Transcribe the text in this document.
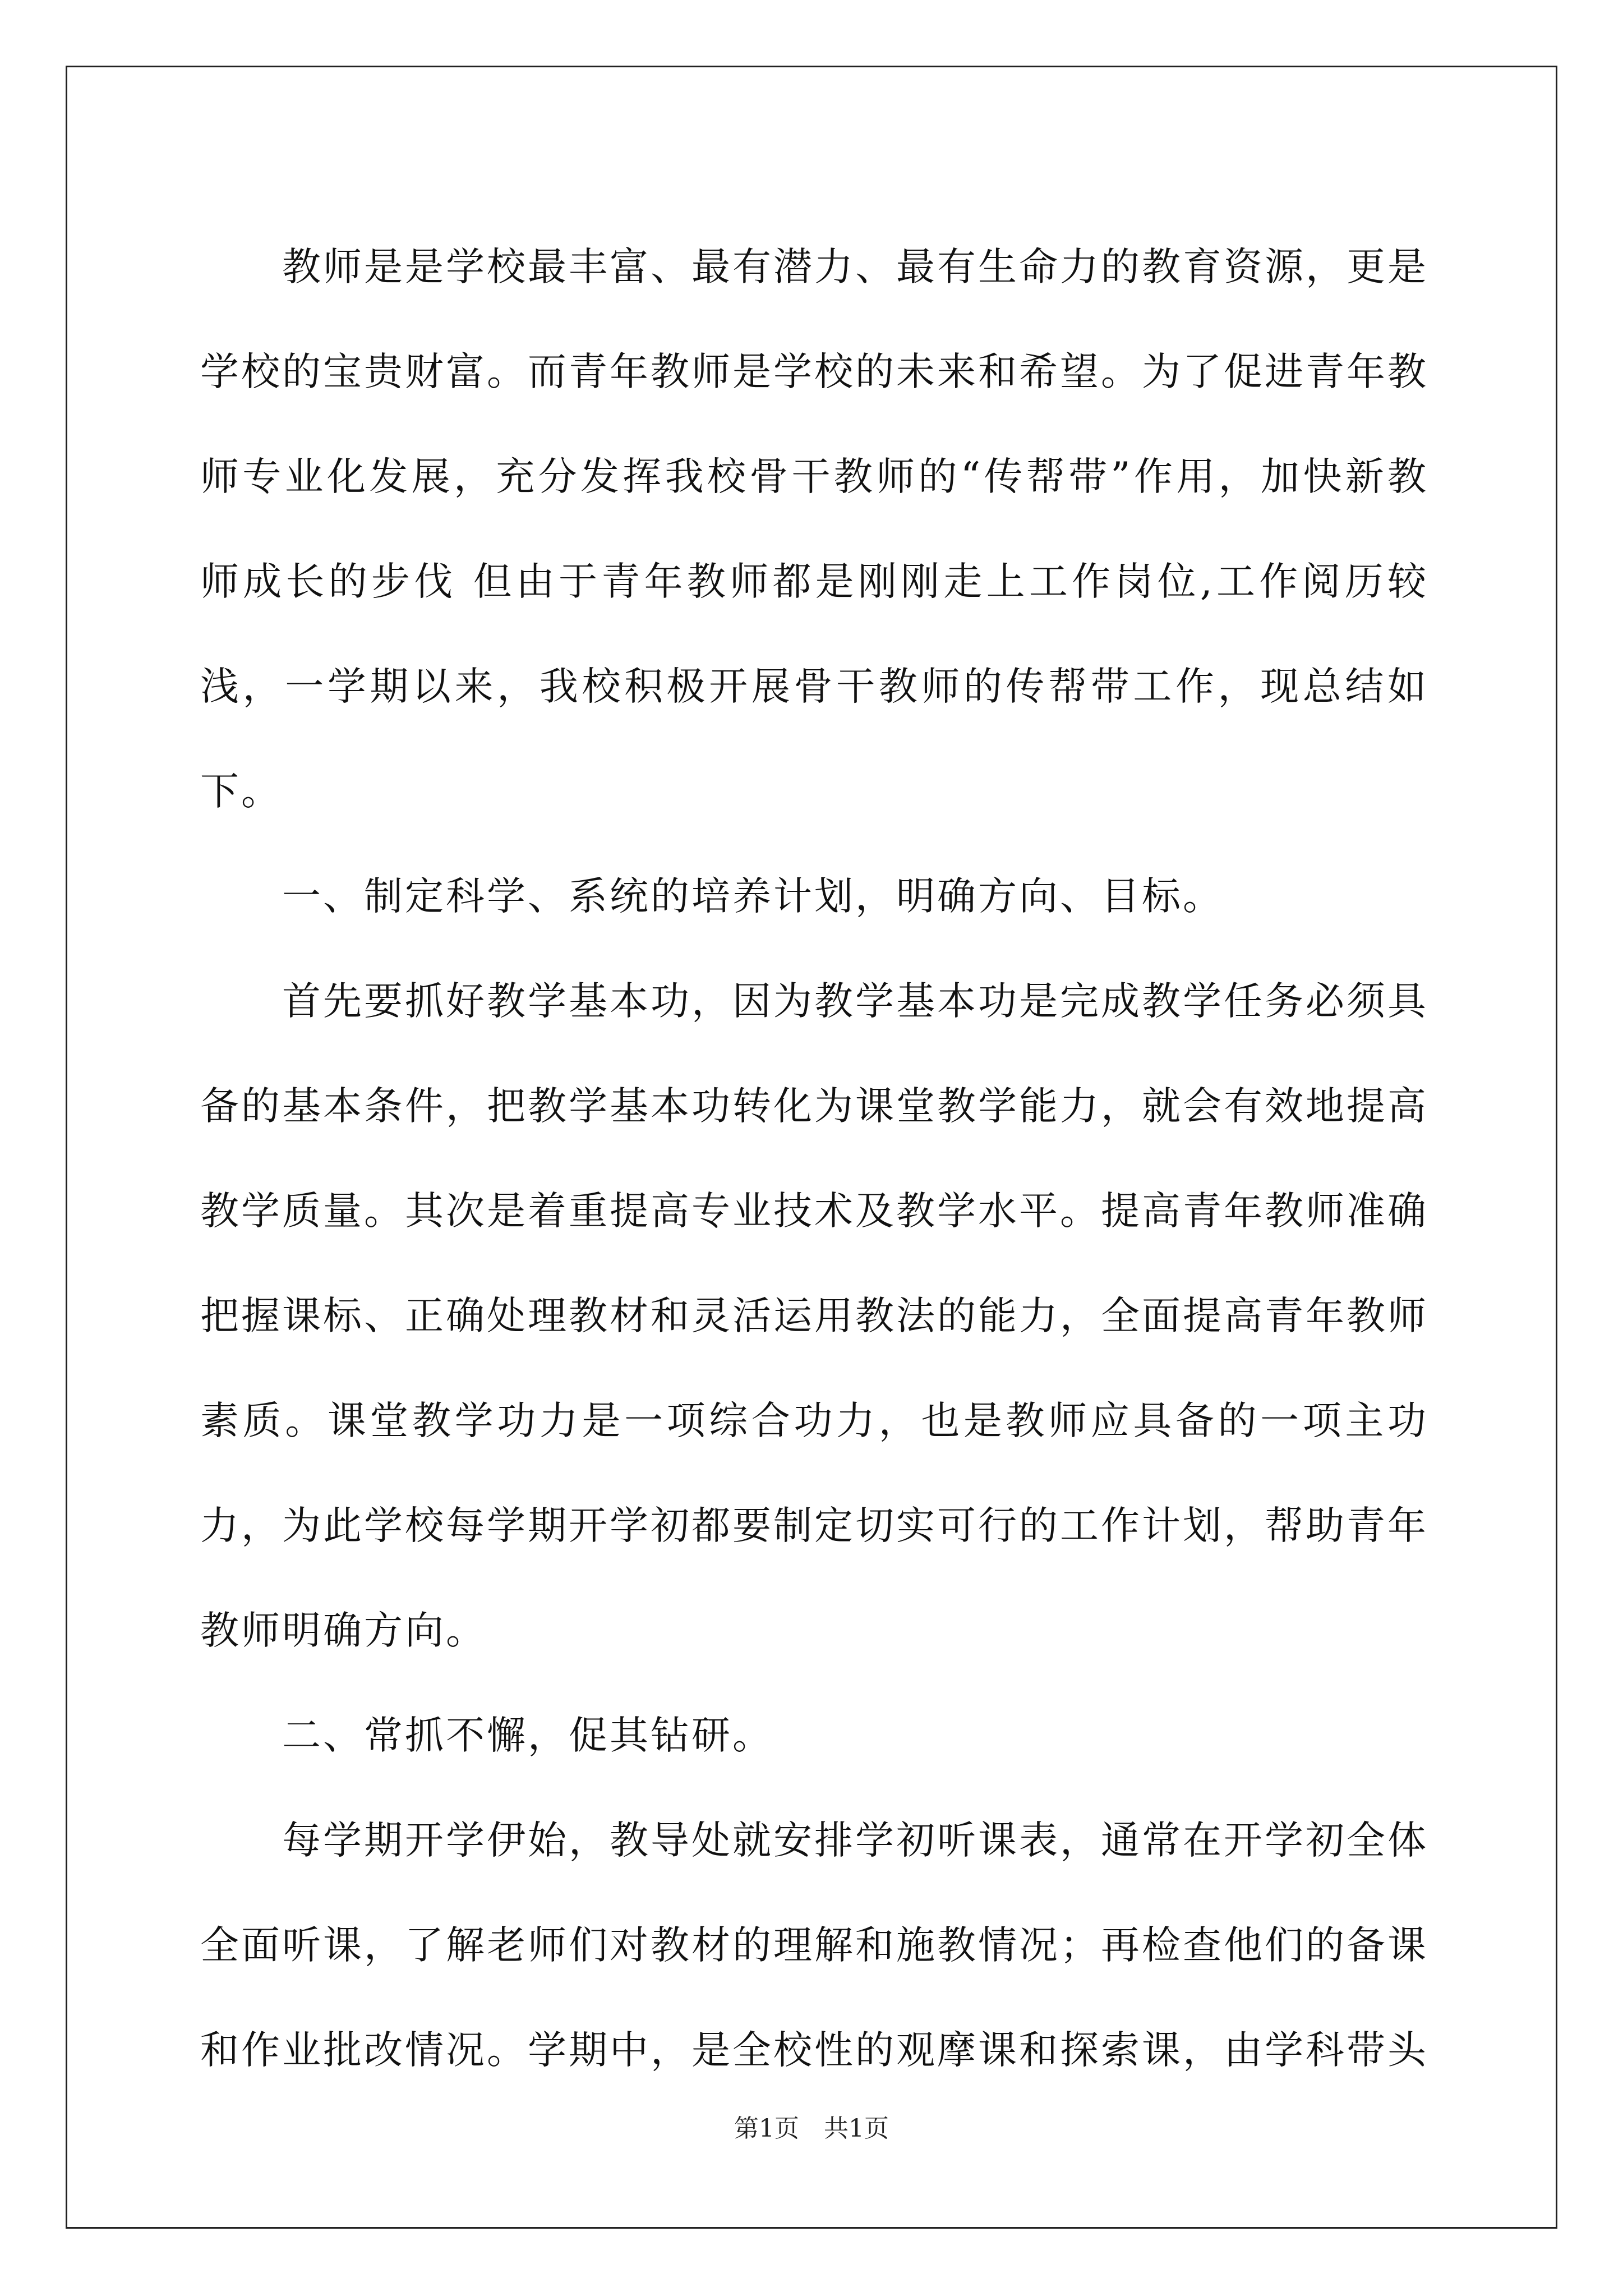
教师是是学校最丰富、最有潜力、最有生命力的教育资源，更是学校的宝贵财富。而青年教师是学校的未来和希望。为了促进青年教师专业化发展，充分发挥我校骨干教师的“传帮带”作用，加快新教师成长的步伐 但由于青年教师都是刚刚走上工作岗位,工作阅历较浅，一学期以来，我校积极开展骨干教师的传帮带工作，现总结如下。

一、制定科学、系统的培养计划，明确方向、目标。

首先要抓好教学基本功，因为教学基本功是完成教学任务必须具备的基本条件，把教学基本功转化为课堂教学能力，就会有效地提高教学质量。其次是着重提高专业技术及教学水平。提高青年教师准确把握课标、正确处理教材和灵活运用教法的能力，全面提高青年教师素质。课堂教学功力是一项综合功力，也是教师应具备的一项主功力，为此学校每学期开学初都要制定切实可行的工作计划，帮助青年教师明确方向。

二、常抓不懈，促其钻研。

每学期开学伊始，教导处就安排学初听课表，通常在开学初全体全面听课，了解老师们对教材的理解和施教情况；再检查他们的备课和作业批改情况。学期中，是全校性的观摩课和探索课，由学科带头

第1页　共1页
